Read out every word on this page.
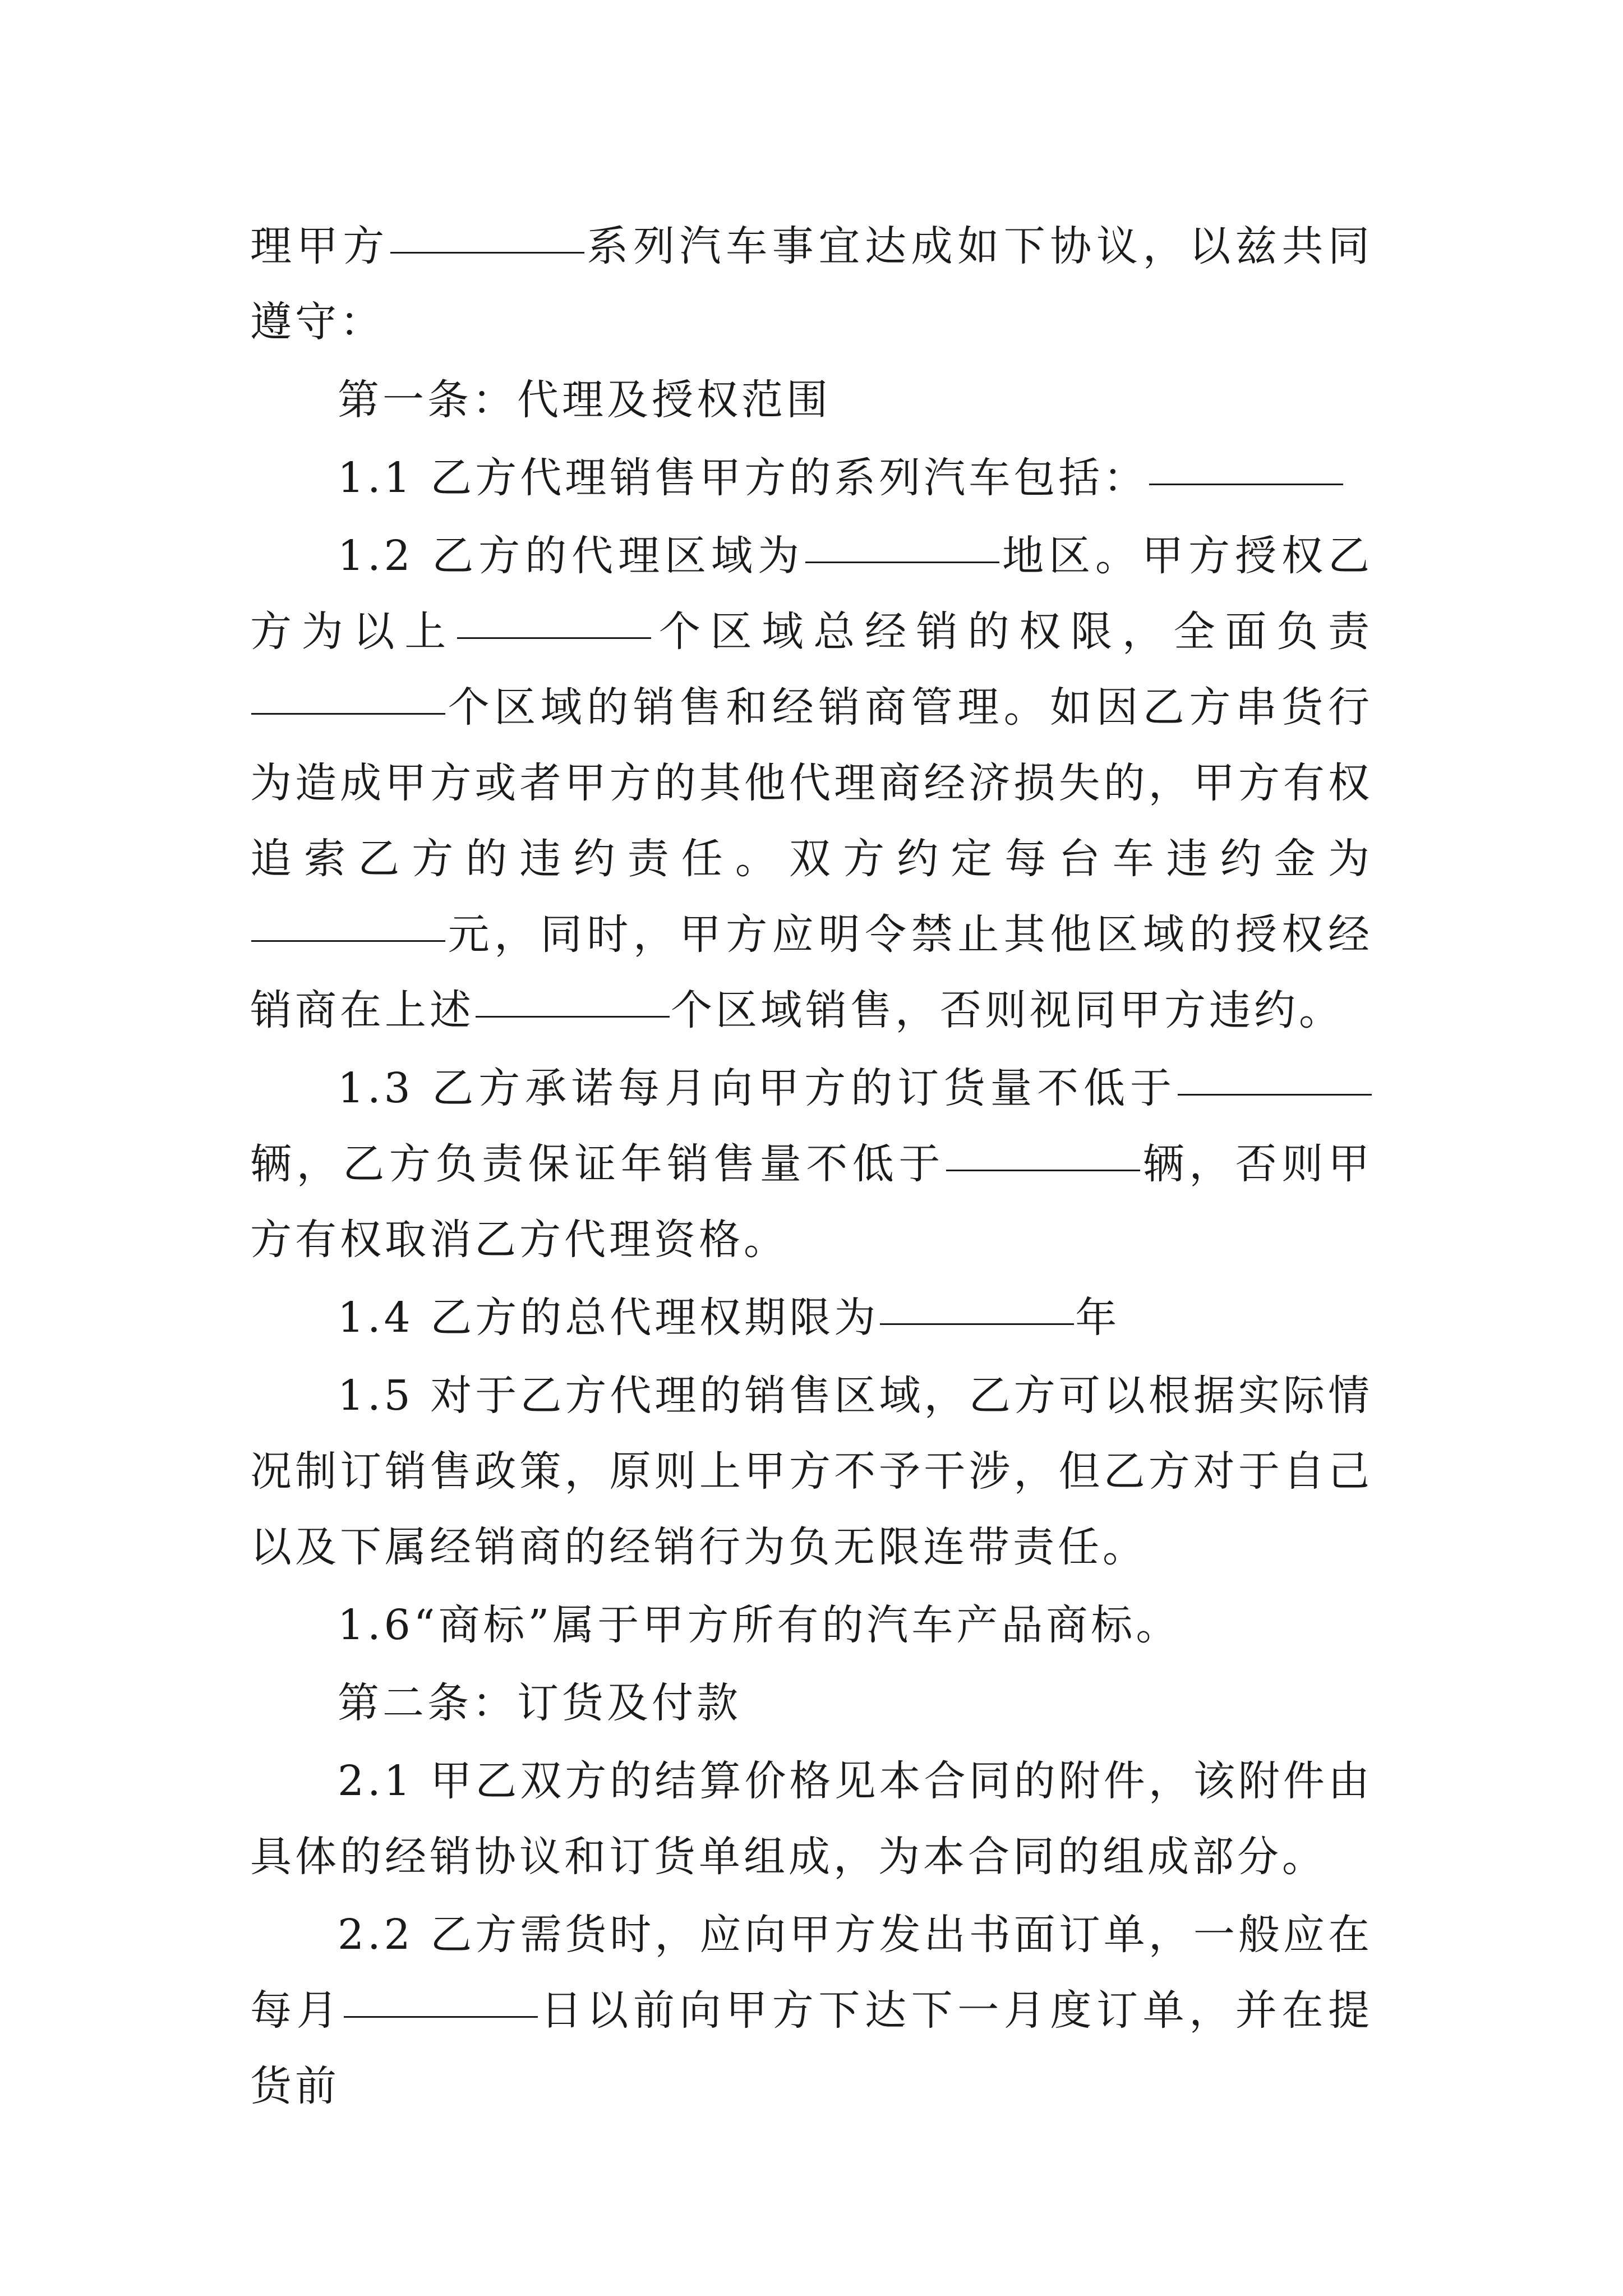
理甲方	系列汽车事宜达成如下协议，以兹共同遵守：

第一条：代理及授权范围

1.1 乙方代理销售甲方的系列汽车包括：

1.2 乙方的代理区域为	地区。甲方授权乙方为以上	个区域总经销的权限，全面负责个区域的销售和经销商管理。如因乙方串货行为造成甲方或者甲方的其他代理商经济损失的，甲方有权追索乙方的违约责任。双方约定每台车违约金为元，同时，甲方应明令禁止其他区域的授权经销商在上述	个区域销售，否则视同甲方违约。

1.3 乙方承诺每月向甲方的订货量不低于辆，乙方负责保证年销售量不低于	辆，否则甲方有权取消乙方代理资格。

1.4 乙方的总代理权期限为	年

1.5 对于乙方代理的销售区域，乙方可以根据实际情况制订销售政策，原则上甲方不予干涉，但乙方对于自己以及下属经销商的经销行为负无限连带责任。

1.6“商标”属于甲方所有的汽车产品商标。

第二条：订货及付款

2.1 甲乙双方的结算价格见本合同的附件，该附件由具体的经销协议和订货单组成，为本合同的组成部分。

2.2 乙方需货时，应向甲方发出书面订单，一般应在每月	日以前向甲方下达下一月度订单，并在提货前
